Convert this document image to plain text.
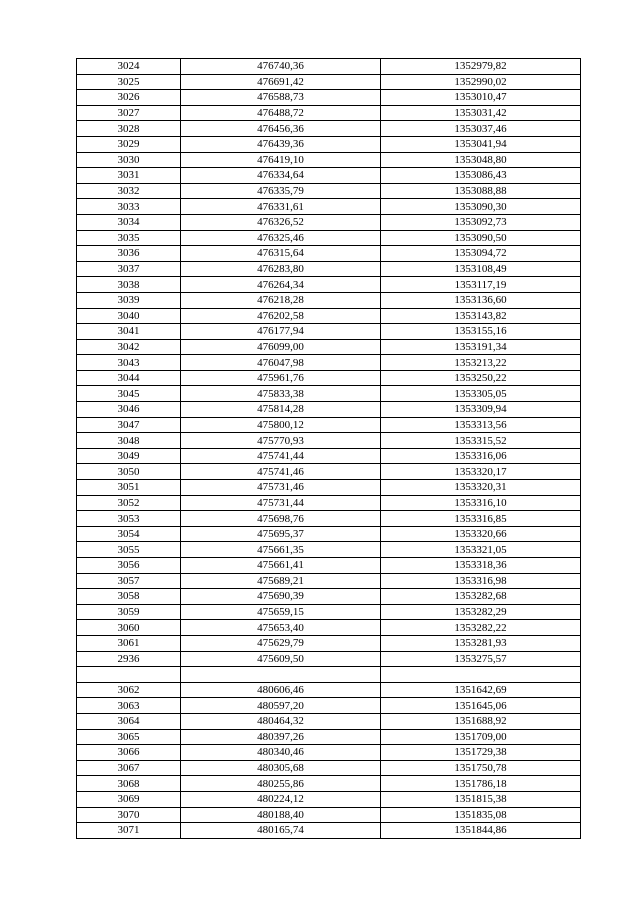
3024	476740,36	1352979,82
3025	476691,42	1352990,02
3026	476588,73	1353010,47
3027	476488,72	1353031,42
3028	476456,36	1353037,46
3029	476439,36	1353041,94
3030	476419,10	1353048,80
3031	476334,64	1353086,43
3032	476335,79	1353088,88
3033	476331,61	1353090,30
3034	476326,52	1353092,73
3035	476325,46	1353090,50
3036	476315,64	1353094,72
3037	476283,80	1353108,49
3038	476264,34	1353117,19
3039	476218,28	1353136,60
3040	476202,58	1353143,82
3041	476177,94	1353155,16
3042	476099,00	1353191,34
3043	476047,98	1353213,22
3044	475961,76	1353250,22
3045	475833,38	1353305,05
3046	475814,28	1353309,94
3047	475800,12	1353313,56
3048	475770,93	1353315,52
3049	475741,44	1353316,06
3050	475741,46	1353320,17
3051	475731,46	1353320,31
3052	475731,44	1353316,10
3053	475698,76	1353316,85
3054	475695,37	1353320,66
3055	475661,35	1353321,05
3056	475661,41	1353318,36
3057	475689,21	1353316,98
3058	475690,39	1353282,68
3059	475659,15	1353282,29
3060	475653,40	1353282,22
3061	475629,79	1353281,93
2936	475609,50	1353275,57

3062	480606,46	1351642,69
3063	480597,20	1351645,06
3064	480464,32	1351688,92
3065	480397,26	1351709,00
3066	480340,46	1351729,38
3067	480305,68	1351750,78
3068	480255,86	1351786,18
3069	480224,12	1351815,38
3070	480188,40	1351835,08
3071	480165,74	1351844,86
